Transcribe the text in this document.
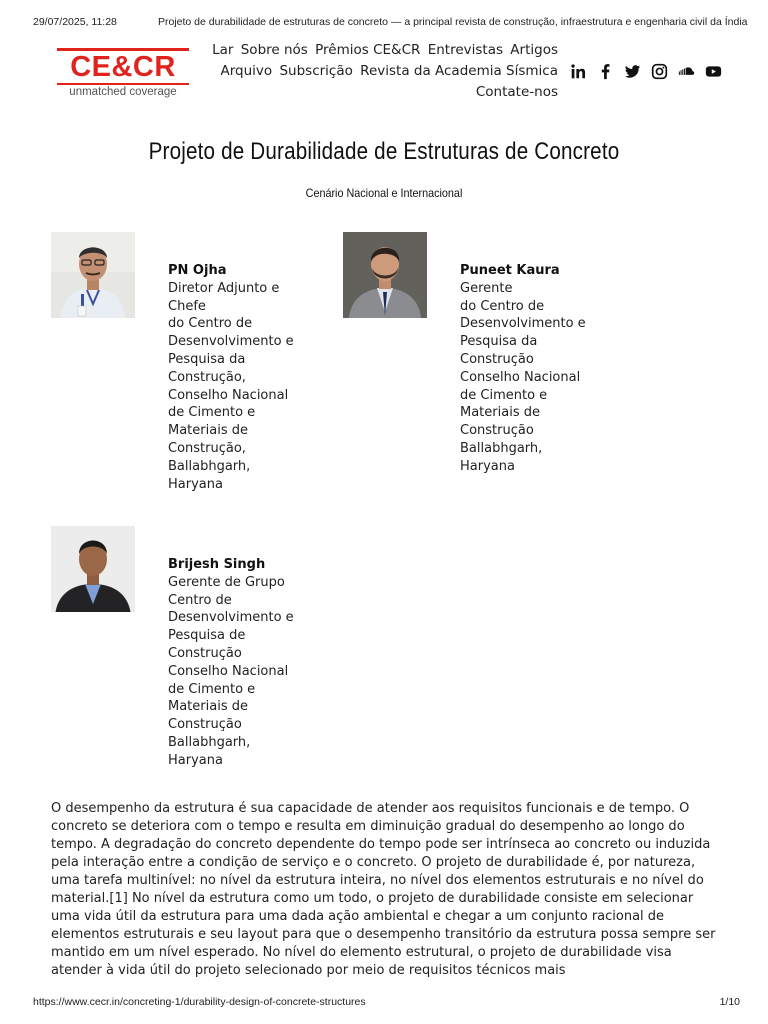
29/07/2025, 11:28	Projeto de durabilidade de estruturas de concreto — a principal revista de construção, infraestrutura e engenharia civil da Índia
CE&CR
unmatched coverage
Lar Sobre nós Prêmios CE&CR Entrevistas Artigos
Arquivo Subscrição Revista da Academia Sísmica
Contate-nos
Projeto de Durabilidade de Estruturas de Concreto
Cenário Nacional e Internacional
PN Ojha
Diretor Adjunto e
Chefe
do Centro de
Desenvolvimento e
Pesquisa da
Construção,
Conselho Nacional
de Cimento e
Materiais de
Construção,
Ballabhgarh,
Haryana
Puneet Kaura
Gerente
do Centro de
Desenvolvimento e
Pesquisa da
Construção
Conselho Nacional
de Cimento e
Materiais de
Construção
Ballabhgarh,
Haryana
Brijesh Singh
Gerente de Grupo
Centro de
Desenvolvimento e
Pesquisa de
Construção
Conselho Nacional
de Cimento e
Materiais de
Construção
Ballabhgarh,
Haryana

O desempenho da estrutura é sua capacidade de atender aos requisitos funcionais e de tempo. O concreto se deteriora com o tempo e resulta em diminuição gradual do desempenho ao longo do tempo. A degradação do concreto dependente do tempo pode ser intrínseca ao concreto ou induzida pela interação entre a condição de serviço e o concreto. O projeto de durabilidade é, por natureza, uma tarefa multinível: no nível da estrutura inteira, no nível dos elementos estruturais e no nível do material.[1] No nível da estrutura como um todo, o projeto de durabilidade consiste em selecionar uma vida útil da estrutura para uma dada ação ambiental e chegar a um conjunto racional de elementos estruturais e seu layout para que o desempenho transitório da estrutura possa sempre ser mantido em um nível esperado. No nível do elemento estrutural, o projeto de durabilidade visa atender à vida útil do projeto selecionado por meio de requisitos técnicos mais

https://www.cecr.in/concreting-1/durability-design-of-concrete-structures	1/10
